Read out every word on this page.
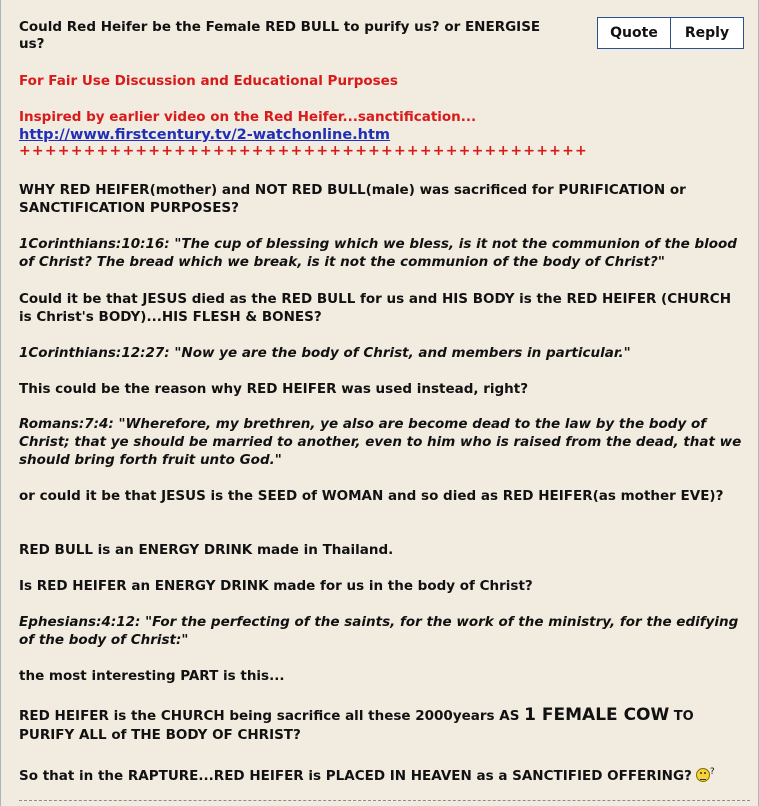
Could Red Heifer be the Female RED BULL to purify us? or ENERGISE us?
Quote	Reply

For Fair Use Discussion and Educational Purposes

Inspired by earlier video on the Red Heifer...sanctification...

http://www.firstcentury.tv/2-watchonline.htm
++++++++++++++++++++++++++++++++++++++++++++

WHY RED HEIFER(mother) and NOT RED BULL(male) was sacrificed for PURIFICATION or SANCTIFICATION PURPOSES?

1Corinthians:10:16: "The cup of blessing which we bless, is it not the communion of the blood of Christ? The bread which we break, is it not the communion of the body of Christ?"

Could it be that JESUS died as the RED BULL for us and HIS BODY is the RED HEIFER (CHURCH is Christ's BODY)...HIS FLESH & BONES?

1Corinthians:12:27: "Now ye are the body of Christ, and members in particular."

This could be the reason why RED HEIFER was used instead, right?

Romans:7:4: "Wherefore, my brethren, ye also are become dead to the law by the body of Christ; that ye should be married to another, even to him who is raised from the dead, that we should bring forth fruit unto God."

or could it be that JESUS is the SEED of WOMAN and so died as RED HEIFER(as mother EVE)?

RED BULL is an ENERGY DRINK made in Thailand.

Is RED HEIFER an ENERGY DRINK made for us in the body of Christ?

Ephesians:4:12: "For the perfecting of the saints, for the work of the ministry, for the edifying of the body of Christ:"

the most interesting PART is this...

RED HEIFER is the CHURCH being sacrifice all these 2000years AS 1 FEMALE COW TO

PURIFY ALL of THE BODY OF CHRIST?

So that in the RAPTURE...RED HEIFER is PLACED IN HEAVEN as a SANCTIFIED OFFERING? ?
